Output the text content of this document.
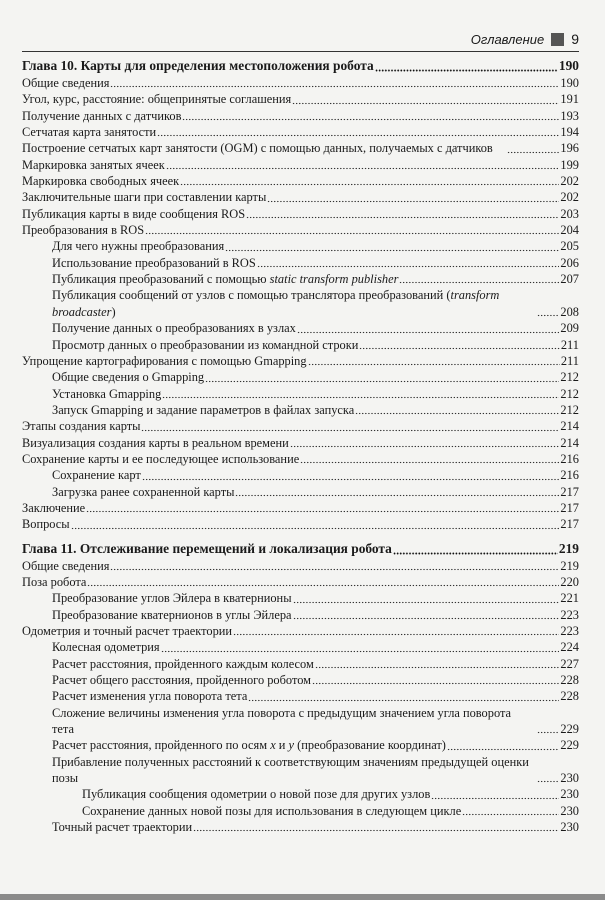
Оглавление 9
Глава 10. Карты для определения местоположения робота	190
Общие сведения	190
Угол, курс, расстояние: общепринятые соглашения	191
Получение данных с датчиков	193
Сетчатая карта занятости	194
Построение сетчатых карт занятости (OGM) с помощью данных, получаемых с датчиков	196
Маркировка занятых ячеек	199
Маркировка свободных ячеек	202
Заключительные шаги при составлении карты	202
Публикация карты в виде сообщения ROS	203
Преобразования в ROS	204
Для чего нужны преобразования	205
Использование преобразований в ROS	206
Публикация преобразований с помощью static transform publisher	207
Публикация сообщений от узлов с помощью транслятора преобразований (transform broadcaster)	208
Получение данных о преобразованиях в узлах	209
Просмотр данных о преобразовании из командной строки	211
Упрощение картографирования с помощью Gmapping	211
Общие сведения о Gmapping	212
Установка Gmapping	212
Запуск Gmapping и задание параметров в файлах запуска	212
Этапы создания карты	214
Визуализация создания карты в реальном времени	214
Сохранение карты и ее последующее использование	216
Сохранение карт	216
Загрузка ранее сохраненной карты	217
Заключение	217
Вопросы	217
Глава 11. Отслеживание перемещений и локализация робота	219
Общие сведения	219
Поза робота	220
Преобразование углов Эйлера в кватернионы	221
Преобразование кватернионов в углы Эйлера	223
Одометрия и точный расчет траектории	223
Колесная одометрия	224
Расчет расстояния, пройденного каждым колесом	227
Расчет общего расстояния, пройденного роботом	228
Расчет изменения угла поворота тета	228
Сложение величины изменения угла поворота с предыдущим значением угла поворота тета	229
Расчет расстояния, пройденного по осям x и y (преобразование координат)	229
Прибавление полученных расстояний к соответствующим значениям предыдущей оценки позы	230
Публикация сообщения одометрии о новой позе для других узлов	230
Сохранение данных новой позы для использования в следующем цикле	230
Точный расчет траектории	230
